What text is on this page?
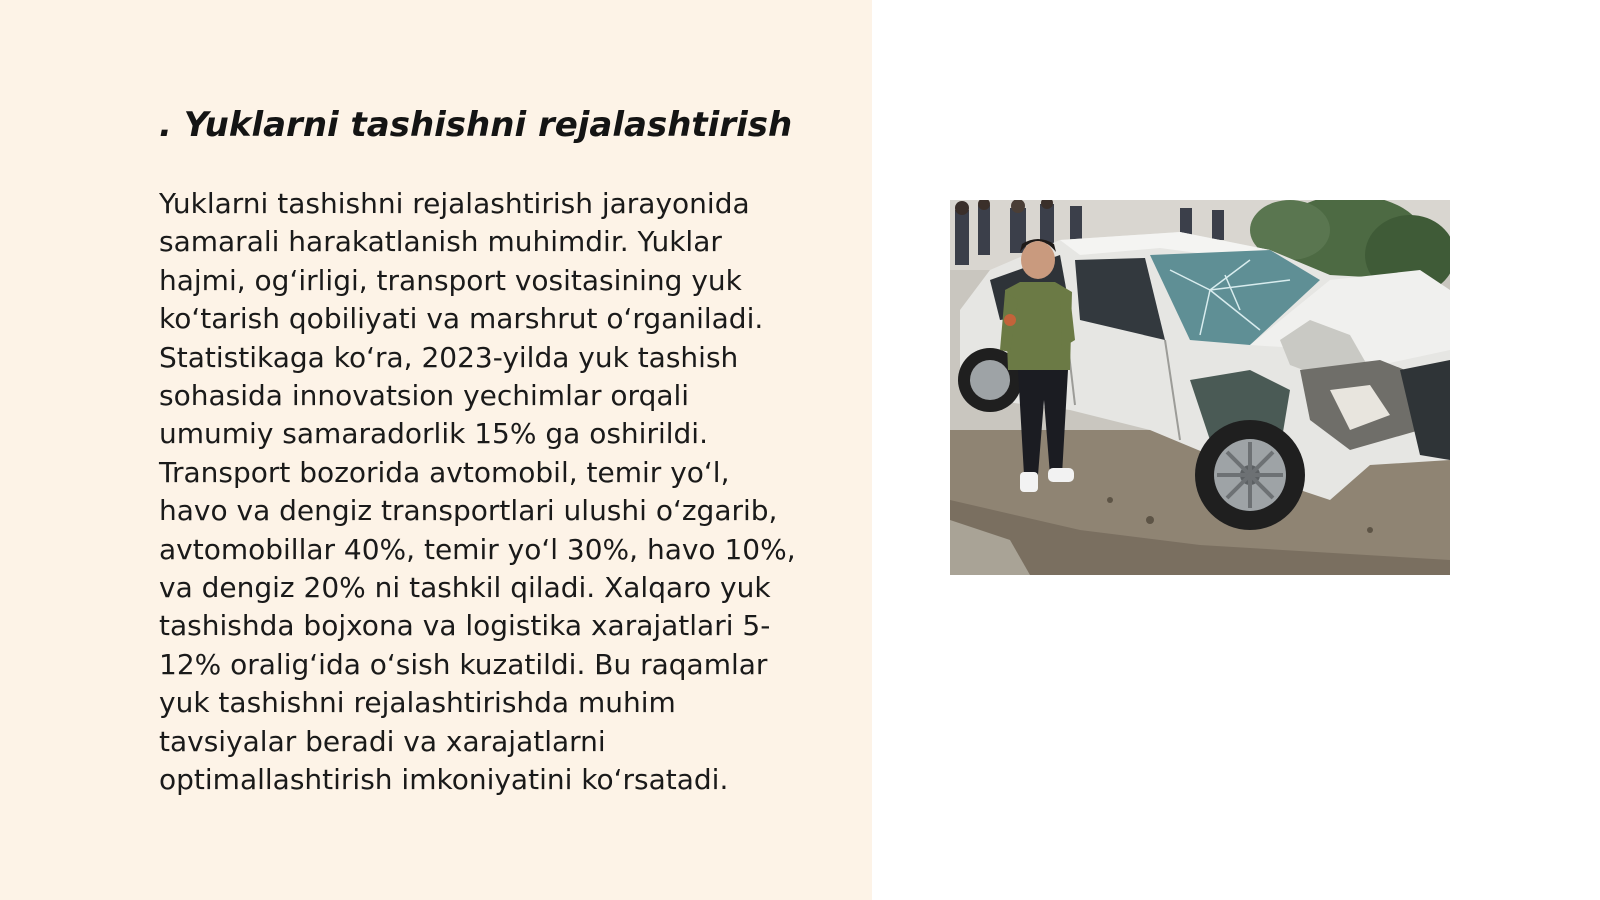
. Yuklarni tashishni rejalashtirish

Yuklarni tashishni rejalashtirish jarayonida
samarali harakatlanish muhimdir. Yuklar
hajmi, og‘irligi, transport vositasining yuk
ko‘tarish qobiliyati va marshrut o‘rganiladi.
Statistikaga ko‘ra, 2023-yilda yuk tashish
sohasida innovatsion yechimlar orqali
umumiy samaradorlik 15% ga oshirildi.
Transport bozorida avtomobil, temir yo‘l,
havo va dengiz transportlari ulushi o‘zgarib,
avtomobillar 40%, temir yo‘l 30%, havo 10%,
va dengiz 20% ni tashkil qiladi. Xalqaro yuk
tashishda bojxona va logistika xarajatlari 5-
12% oralig‘ida o‘sish kuzatildi. Bu raqamlar
yuk tashishni rejalashtirishda muhim
tavsiyalar beradi va xarajatlarni
optimallashtirish imkoniyatini ko‘rsatadi.
